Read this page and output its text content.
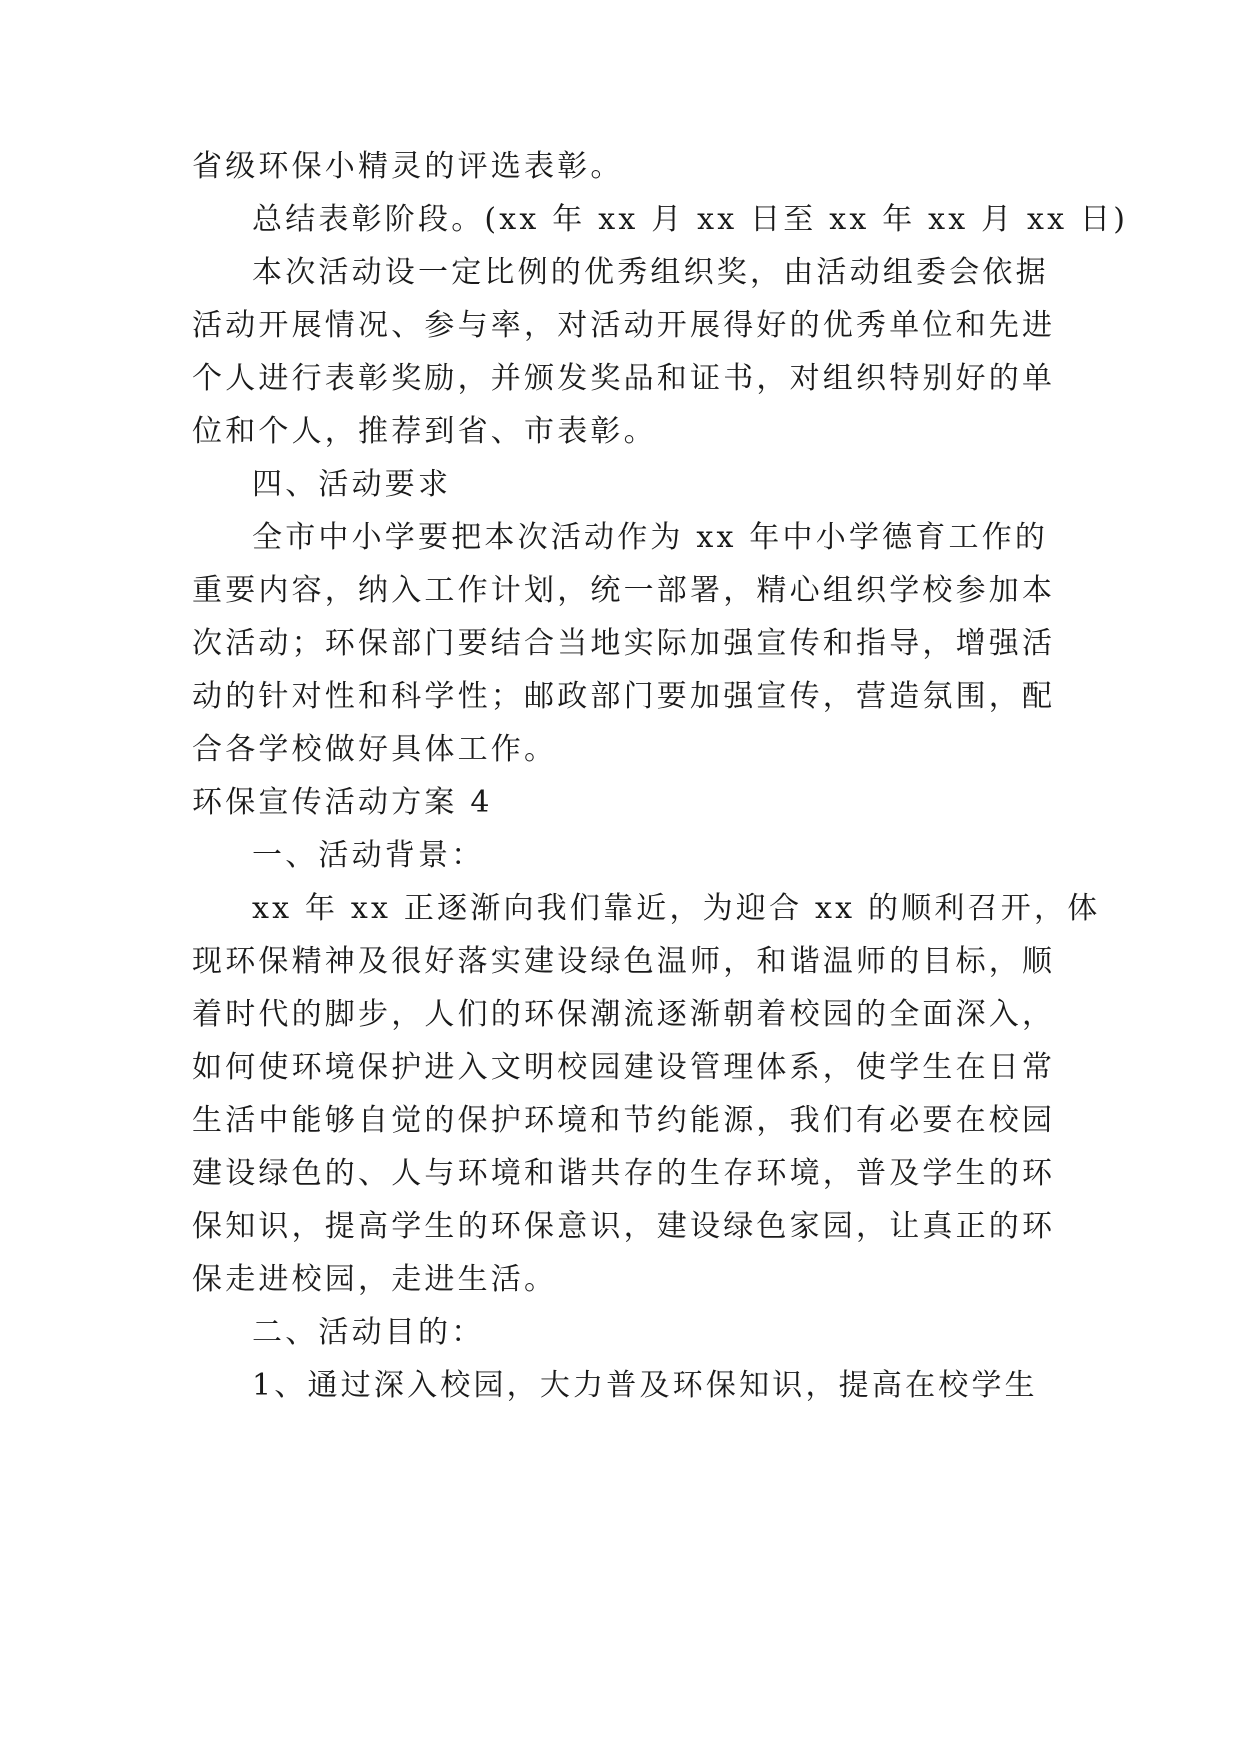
省级环保小精灵的评选表彰。
总结表彰阶段。(xx 年 xx 月 xx 日至 xx 年 xx 月 xx 日)
本次活动设一定比例的优秀组织奖，由活动组委会依据
活动开展情况、参与率，对活动开展得好的优秀单位和先进
个人进行表彰奖励，并颁发奖品和证书，对组织特别好的单
位和个人，推荐到省、市表彰。
四、活动要求
全市中小学要把本次活动作为 xx 年中小学德育工作的
重要内容，纳入工作计划，统一部署，精心组织学校参加本
次活动；环保部门要结合当地实际加强宣传和指导，增强活
动的针对性和科学性；邮政部门要加强宣传，营造氛围，配
合各学校做好具体工作。
环保宣传活动方案 4
一、活动背景：
xx 年 xx 正逐渐向我们靠近，为迎合 xx 的顺利召开，体
现环保精神及很好落实建设绿色温师，和谐温师的目标，顺
着时代的脚步，人们的环保潮流逐渐朝着校园的全面深入，
如何使环境保护进入文明校园建设管理体系，使学生在日常
生活中能够自觉的保护环境和节约能源，我们有必要在校园
建设绿色的、人与环境和谐共存的生存环境，普及学生的环
保知识，提高学生的环保意识，建设绿色家园，让真正的环
保走进校园，走进生活。
二、活动目的：
1、通过深入校园，大力普及环保知识，提高在校学生
